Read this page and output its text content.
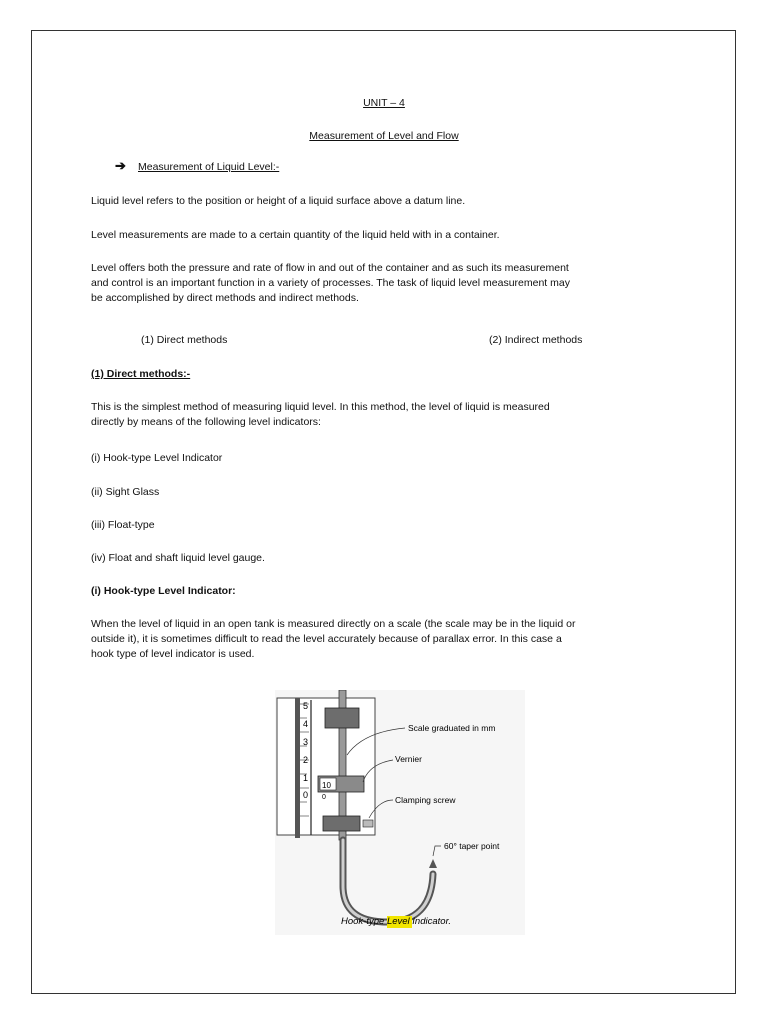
UNIT – 4
Measurement of Level and Flow
➔ Measurement of Liquid Level:-
Liquid level refers to the position or height of a liquid surface above a datum line.
Level measurements are made to a certain quantity of the liquid held with in a container.
Level offers both the pressure and rate of flow in and out of the container and as such its measurement
and control is an important function in a variety of processes. The task of liquid level measurement may
be accomplished by direct methods and indirect methods.
(1) Direct methods	(2) Indirect methods
(1) Direct methods:-
This is the simplest method of measuring liquid level. In this method, the level of liquid is measured
directly by means of the following level indicators:
(i) Hook-type Level Indicator
(ii) Sight Glass
(iii) Float-type
(iv) Float and shaft liquid level gauge.
(i) Hook-type Level Indicator:
When the level of liquid in an open tank is measured directly on a scale (the scale may be in the liquid or
outside it), it is sometimes difficult to read the level accurately because of parallax error. In this case a
hook type of level indicator is used.
5
4
3
2
1
0
10
0
Scale graduated in mm
Vernier
Clamping screw
60° taper point
Hook-type Level Indicator.
